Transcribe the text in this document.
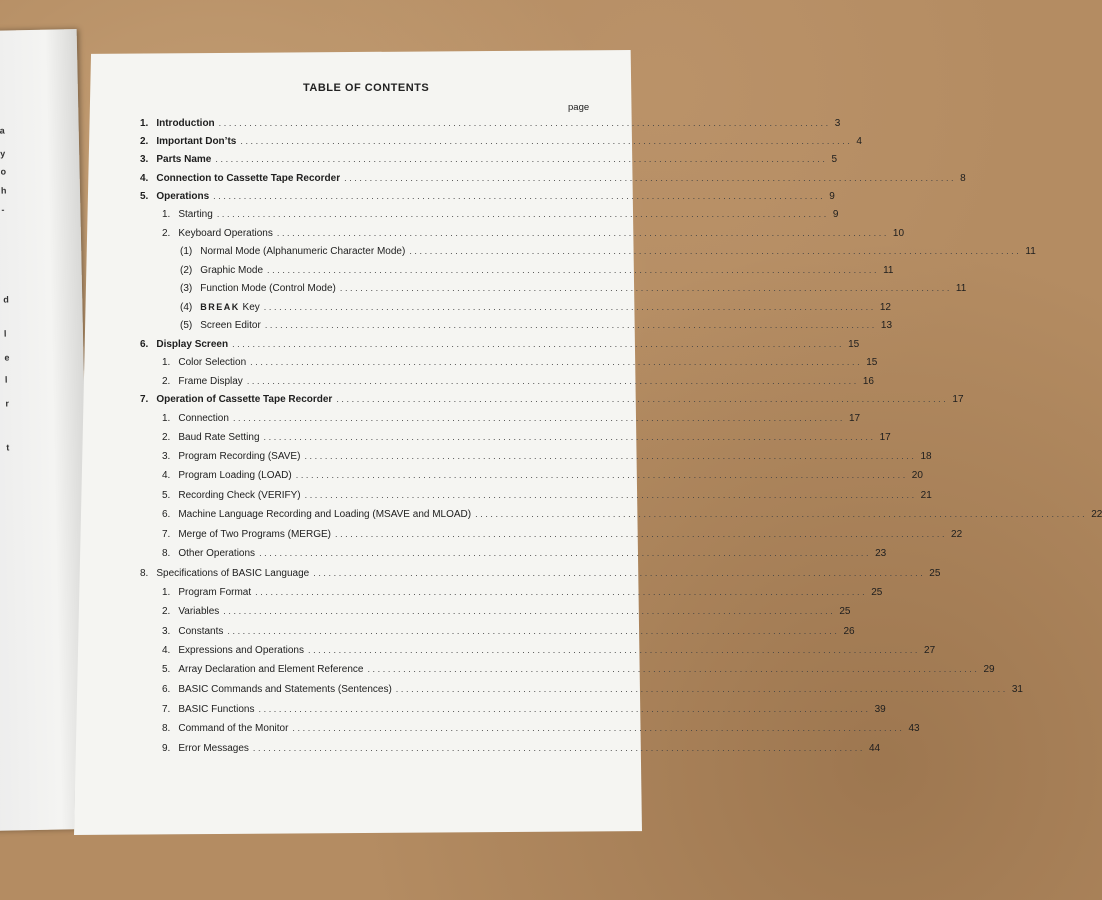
a
y
o
h
-
d
l
e
l
r
t
TABLE OF CONTENTS
page
1. Introduction ........................................................................................................................ 3
2. Important Don’ts ........................................................................................................................ 4
3. Parts Name ........................................................................................................................ 5
4. Connection to Cassette Tape Recorder ........................................................................................................................ 8
5. Operations ........................................................................................................................ 9
1. Starting ........................................................................................................................ 9
2. Keyboard Operations ........................................................................................................................ 10
(1) Normal Mode (Alphanumeric Character Mode) ........................................................................................................................ 11
(2) Graphic Mode ........................................................................................................................ 11
(3) Function Mode (Control Mode) ........................................................................................................................ 11
(4) BREAK Key ........................................................................................................................ 12
(5) Screen Editor ........................................................................................................................ 13
6. Display Screen ........................................................................................................................ 15
1. Color Selection ........................................................................................................................ 15
2. Frame Display ........................................................................................................................ 16
7. Operation of Cassette Tape Recorder ........................................................................................................................ 17
1. Connection ........................................................................................................................ 17
2. Baud Rate Setting ........................................................................................................................ 17
3. Program Recording (SAVE) ........................................................................................................................ 18
4. Program Loading (LOAD) ........................................................................................................................ 20
5. Recording Check (VERIFY) ........................................................................................................................ 21
6. Machine Language Recording and Loading (MSAVE and MLOAD) ........................................................................................................................ 22
7. Merge of Two Programs (MERGE) ........................................................................................................................ 22
8. Other Operations ........................................................................................................................ 23
8. Specifications of BASIC Language ........................................................................................................................ 25
1. Program Format ........................................................................................................................ 25
2. Variables ........................................................................................................................ 25
3. Constants ........................................................................................................................ 26
4. Expressions and Operations ........................................................................................................................ 27
5. Array Declaration and Element Reference ........................................................................................................................ 29
6. BASIC Commands and Statements (Sentences) ........................................................................................................................ 31
7. BASIC Functions ........................................................................................................................ 39
8. Command of the Monitor ........................................................................................................................ 43
9. Error Messages ........................................................................................................................ 44
